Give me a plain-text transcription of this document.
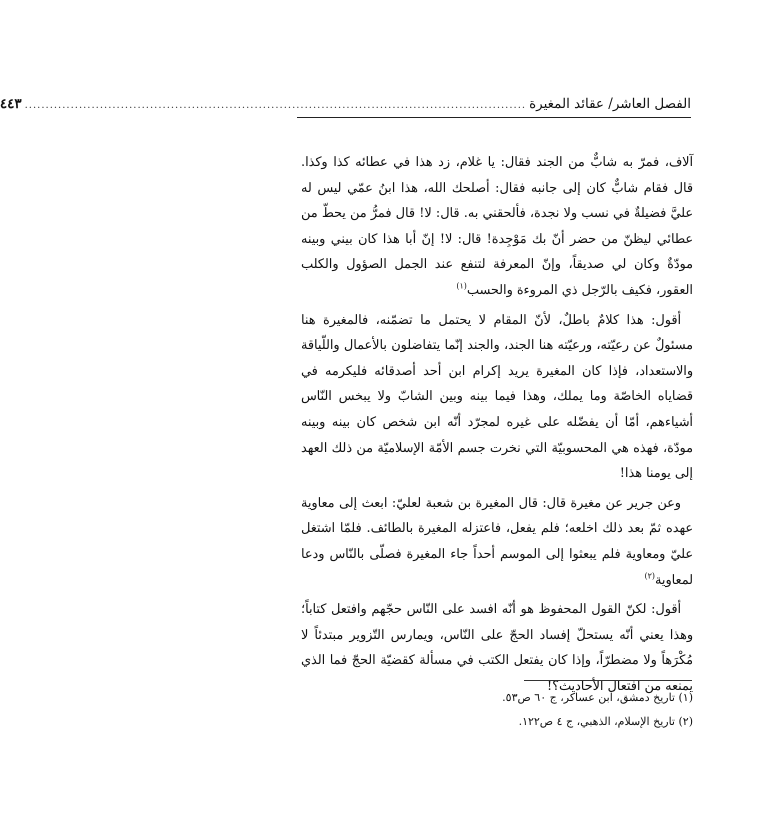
الفصل العاشر/ عقائد المغيرة
........................................................................................................................
٤٤٣

آلاف، فمرّ به شابٌّ من الجند فقال: يا غلام، زد هذا في عطائه كذا وكذا. قال فقام شابٌّ كان إلى جانبه فقال: أصلحك الله، هذا ابنُ عمّي ليس له عليَّ فضيلةٌ في نسب ولا نجدة، فألحقني به. قال: لا! قال فمرُّ من يحطّ من عطائي ليظنّ من حضر أنّ بك مَوْجِدة! قال: لا! إنّ أبا هذا كان بيني وبينه مودّةٌ وكان لي صديقاً، وإنّ المعرفة لتنفع عند الجمل الصؤول والكلب العقور، فكيف بالرّجل ذي المروءة والحسب$^{(١)}$

أقول: هذا كلامٌ باطلٌ، لأنّ المقام لا يحتمل ما تضمّنه، فالمغيرة هنا مسئولٌ عن رعيّته، ورعيّته هنا الجند، والجند إنّما يتفاضلون بالأعمال واللّياقة والاستعداد، فإذا كان المغيرة يريد إكرام ابن أحد أصدقائه فليكرمه في قضاياه الخاصّة وما يملك، وهذا فيما بينه وبين الشابّ ولا يبخس النّاس أشياءهم، أمّا أن يفضّله على غيره لمجرّد أنّه ابن شخص كان بينه وبينه مودّة، فهذه هي المحسوبيّة التي نخرت جسم الأمّة الإسلاميّة من ذلك العهد إلى يومنا هذا!

وعن جرير عن مغيرة قال: قال المغيرة بن شعبة لعليّ: ابعث إلى معاوية عهده ثمّ بعد ذلك اخلعه؛ فلم يفعل، فاعتزله المغيرة بالطائف. فلمّا اشتغل عليّ ومعاوية فلم يبعثوا إلى الموسم أحداً جاء المغيرة فصلّى بالنّاس ودعا لمعاوية$^{(٢)}$

أقول: لكنّ القول المحفوظ هو أنّه افسد على النّاس حجّهم وافتعل كتاباً؛ وهذا يعني أنّه يستحلّ إفساد الحجّ على النّاس، ويمارس التّزوير مبتدئاً لا مُكْرَهاً ولا مضطرّاً، وإذا كان يفتعل الكتب في مسألة كقضيّة الحجّ فما الذي يمنعه من افتعال الأحاديث؟!

(١) تاريخ دمشق، ابن عساكر، ج ٦٠ ص٥٣.
(٢) تاريخ الإسلام، الذهبي، ج ٤ ص١٢٢.
